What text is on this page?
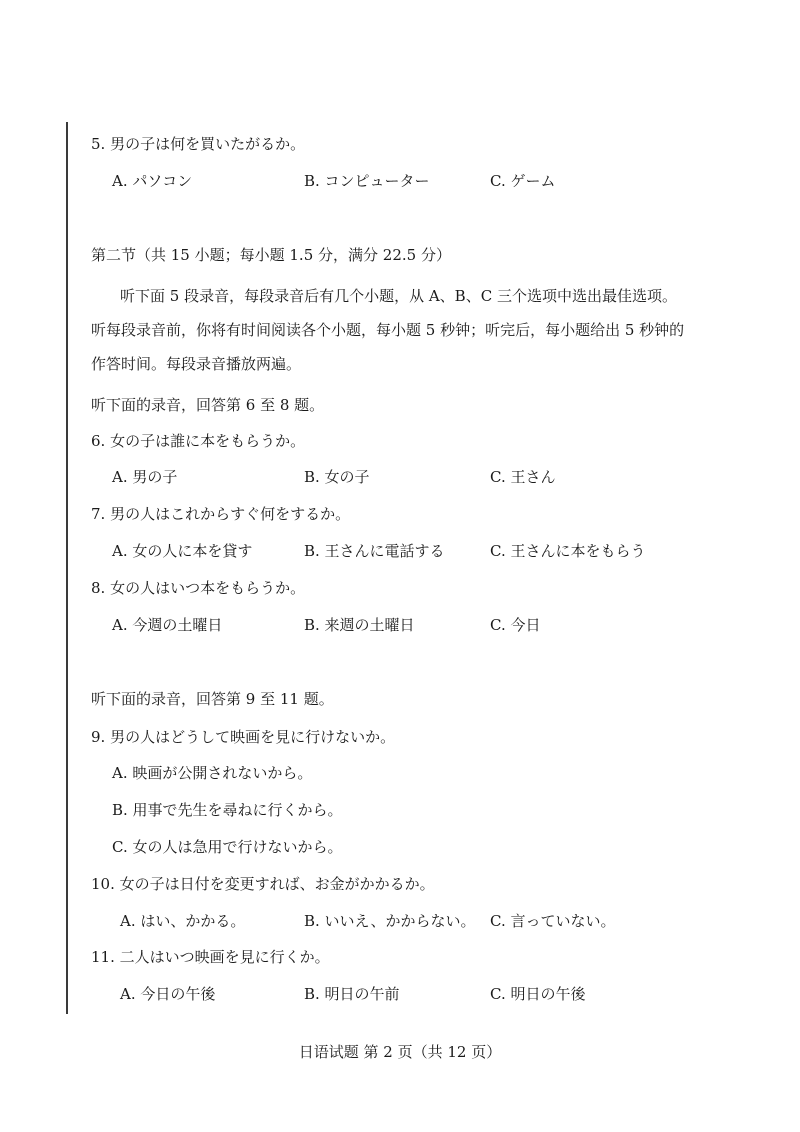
5. 男の子は何を買いたがるか。
A. パソコン	B. コンピューター	C. ゲーム
第二节（共 15 小题；每小题 1.5 分，满分 22.5 分）
听下面 5 段录音，每段录音后有几个小题，从 A、B、C 三个选项中选出最佳选项。
听每段录音前，你将有时间阅读各个小题，每小题 5 秒钟；听完后，每小题给出 5 秒钟的
作答时间。每段录音播放两遍。
听下面的录音，回答第 6 至 8 题。
6. 女の子は誰に本をもらうか。
A. 男の子	B. 女の子	C. 王さん
7. 男の人はこれからすぐ何をするか。
A. 女の人に本を貸す	B. 王さんに電話する	C. 王さんに本をもらう
8. 女の人はいつ本をもらうか。
A. 今週の土曜日	B. 来週の土曜日	C. 今日
听下面的录音，回答第 9 至 11 题。
9. 男の人はどうして映画を見に行けないか。
A. 映画が公開されないから。
B. 用事で先生を尋ねに行くから。
C. 女の人は急用で行けないから。
10. 女の子は日付を変更すれば、お金がかかるか。
A. はい、かかる。	B. いいえ、かからない。 C. 言っていない。
11. 二人はいつ映画を見に行くか。
A. 今日の午後	B. 明日の午前	C. 明日の午後
日语试题 第 2 页（共 12 页）
